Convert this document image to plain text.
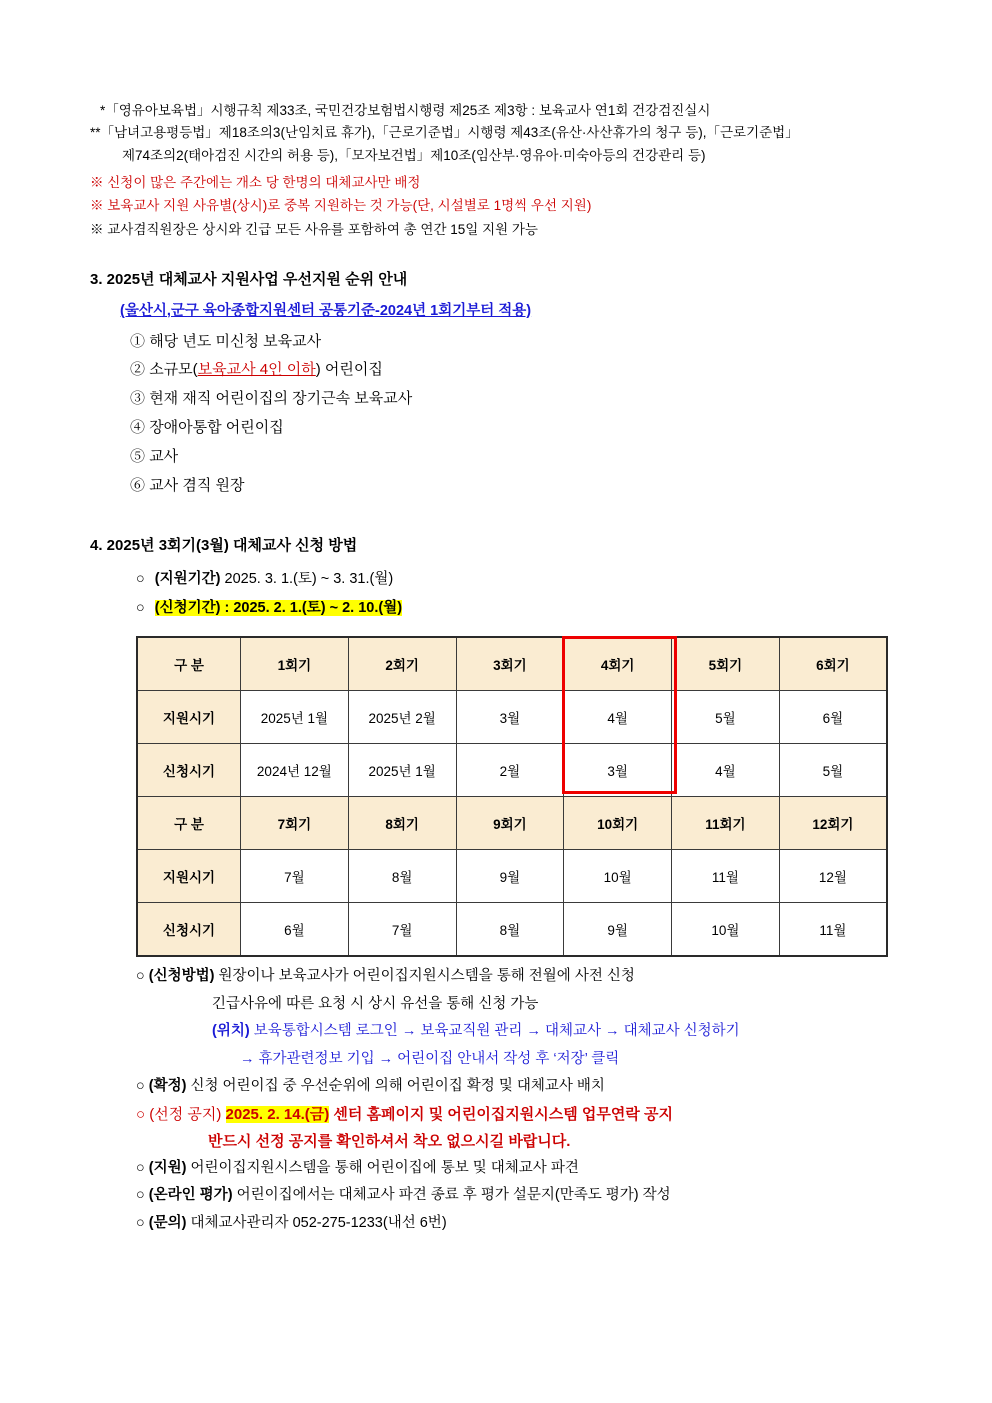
*「영유아보육법」시행규칙 제33조, 국민건강보험법시행령 제25조 제3항 : 보육교사 연1회 건강검진실시
**「남녀고용평등법」제18조의3(난임치료 휴가),「근로기준법」시행령 제43조(유산·사산휴가의 청구 등),「근로기준법」
제74조의2(태아검진 시간의 허용 등),「모자보건법」제10조(임산부·영유아·미숙아등의 건강관리 등)
※ 신청이 많은 주간에는 개소 당 한명의 대체교사만 배정
※ 보육교사 지원 사유별(상시)로 중복 지원하는 것 가능(단, 시설별로 1명씩 우선 지원)
※ 교사겸직원장은 상시와 긴급 모든 사유를 포함하여 총 연간 15일 지원 가능
3. 2025년 대체교사 지원사업 우선지원 순위 안내
(울산시,군구 육아종합지원센터 공통기준-2024년 1회기부터 적용)
① 해당 년도 미신청 보육교사
② 소규모(보육교사 4인 이하) 어린이집
③ 현재 재직 어린이집의 장기근속 보육교사
④ 장애아통합 어린이집
⑤ 교사
⑥ 교사 겸직 원장
4. 2025년 3회기(3월) 대체교사 신청 방법
○ (지원기간) 2025. 3. 1.(토) ~ 3. 31.(월)
○ (신청기간) : 2025. 2. 1.(토) ~ 2. 10.(월)
구 분	1회기	2회기	3회기	4회기	5회기	6회기
지원시기	2025년 1월	2025년 2월	3월	4월	5월	6월
신청시기	2024년 12월	2025년 1월	2월	3월	4월	5월
구 분	7회기	8회기	9회기	10회기	11회기	12회기
지원시기	7월	8월	9월	10월	11월	12월
신청시기	6월	7월	8월	9월	10월	11월
○ (신청방법) 원장이나 보육교사가 어린이집지원시스템을 통해 전월에 사전 신청
긴급사유에 따른 요청 시 상시 유선을 통해 신청 가능
(위치) 보육통합시스템 로그인 → 보육교직원 관리 → 대체교사 → 대체교사 신청하기
→ 휴가관련정보 기입 → 어린이집 안내서 작성 후 ‘저장’ 클릭
○ (확정) 신청 어린이집 중 우선순위에 의해 어린이집 확정 및 대체교사 배치
○ (선정 공지) 2025. 2. 14.(금) 센터 홈페이지 및 어린이집지원시스템 업무연락 공지
반드시 선정 공지를 확인하셔서 착오 없으시길 바랍니다.
○ (지원) 어린이집지원시스템을 통해 어린이집에 통보 및 대체교사 파견
○ (온라인 평가) 어린이집에서는 대체교사 파견 종료 후 평가 설문지(만족도 평가) 작성
○ (문의) 대체교사관리자 052-275-1233(내선 6번)
